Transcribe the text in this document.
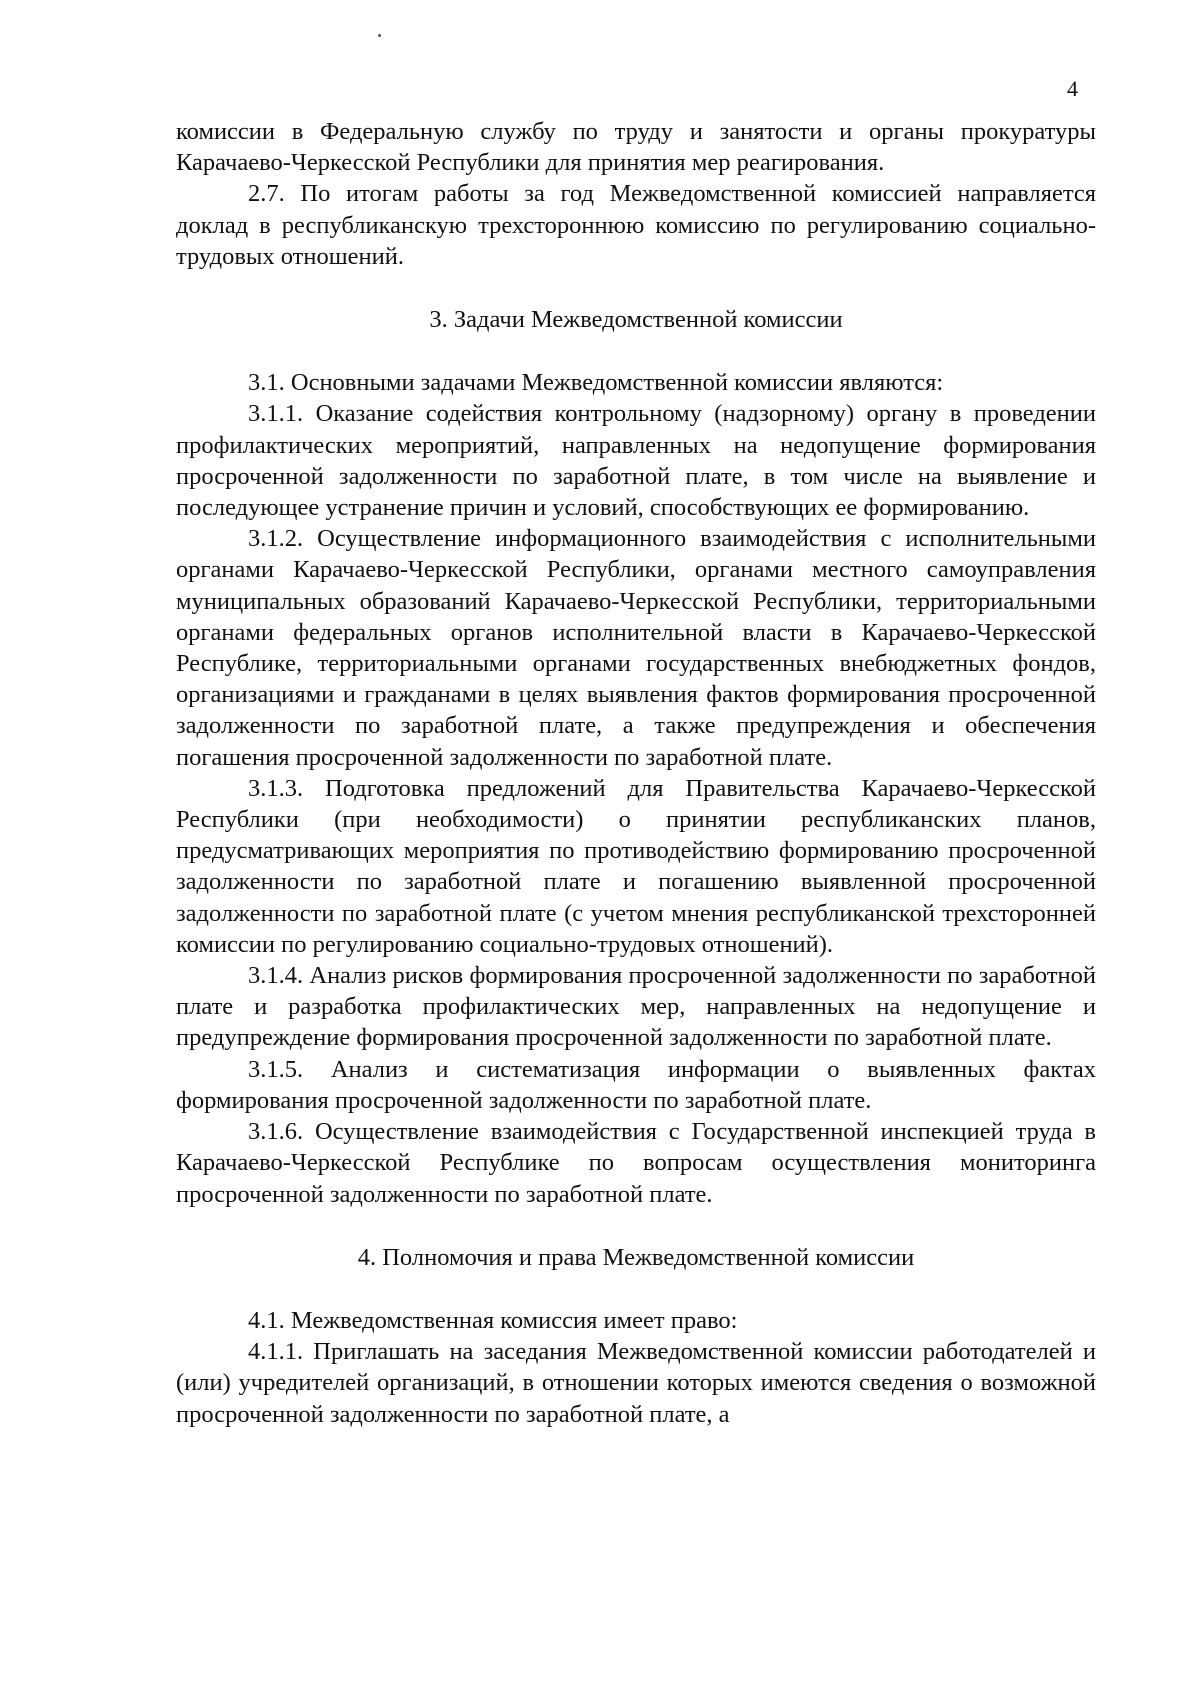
4

комиссии в Федеральную службу по труду и занятости и органы прокуратуры Карачаево-Черкесской Республики для принятия мер реагирования.

2.7. По итогам работы за год Межведомственной комиссией направляется доклад в республиканскую трехстороннюю комиссию по регулированию социально-трудовых отношений.

3. Задачи Межведомственной комиссии

3.1. Основными задачами Межведомственной комиссии являются:

3.1.1. Оказание содействия контрольному (надзорному) органу в проведении профилактических мероприятий, направленных на недопущение формирования просроченной задолженности по заработной плате, в том числе на выявление и последующее устранение причин и условий, способствующих ее формированию.

3.1.2. Осуществление информационного взаимодействия с исполнительными органами Карачаево-Черкесской Республики, органами местного самоуправления муниципальных образований Карачаево-Черкесской Республики, территориальными органами федеральных органов исполнительной власти в Карачаево-Черкесской Республике, территориальными органами государственных внебюджетных фондов, организациями и гражданами в целях выявления фактов формирования просроченной задолженности по заработной плате, а также предупреждения и обеспечения погашения просроченной задолженности по заработной плате.

3.1.3. Подготовка предложений для Правительства Карачаево-Черкесской Республики (при необходимости) о принятии республиканских планов, предусматривающих мероприятия по противодействию формированию просроченной задолженности по заработной плате и погашению выявленной просроченной задолженности по заработной плате (с учетом мнения республиканской трехсторонней комиссии по регулированию социально-трудовых отношений).

3.1.4. Анализ рисков формирования просроченной задолженности по заработной плате и разработка профилактических мер, направленных на недопущение и предупреждение формирования просроченной задолженности по заработной плате.

3.1.5. Анализ и систематизация информации о выявленных фактах формирования просроченной задолженности по заработной плате.

3.1.6. Осуществление взаимодействия с Государственной инспекцией труда в Карачаево-Черкесской Республике по вопросам осуществления мониторинга просроченной задолженности по заработной плате.

4. Полномочия и права Межведомственной комиссии

4.1. Межведомственная комиссия имеет право:

4.1.1. Приглашать на заседания Межведомственной комиссии работодателей и (или) учредителей организаций, в отношении которых имеются сведения о возможной просроченной задолженности по заработной плате, а
